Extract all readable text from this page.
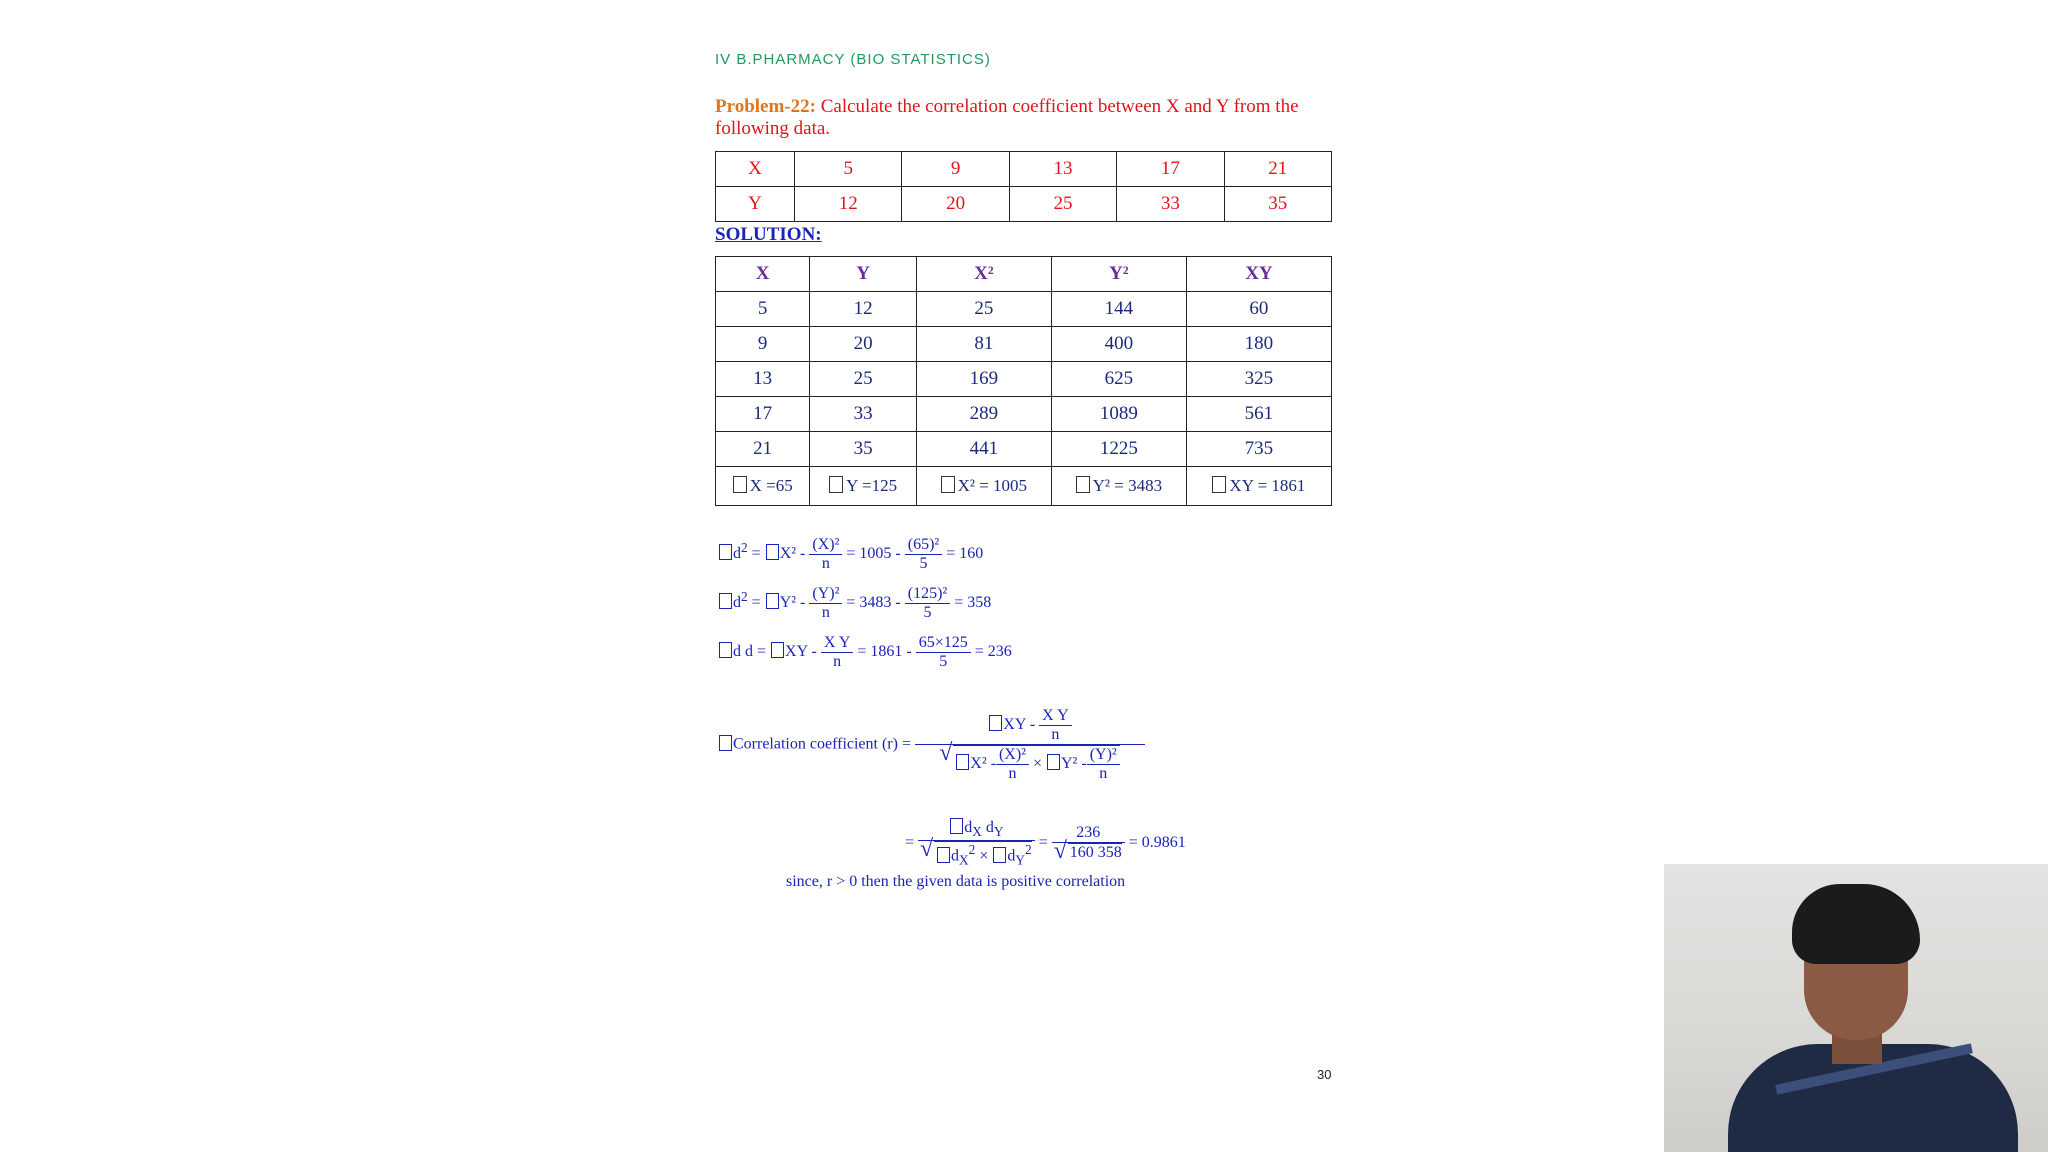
IV B.PHARMACY (BIO STATISTICS)
Problem-22: Calculate the correlation coefficient between X and Y from the following data.
X	5	9	13	17	21
Y	12	20	25	33	35
SOLUTION:
X	Y	X²	Y²	XY
5	12	25	144	60
9	20	81	400	180
13	25	169	625	325
17	33	289	1089	561
21	35	441	1225	735
X =65	Y =125	X² = 1005	Y² = 3483	XY = 1861
$d^2 = X^2 - \frac{\text{(X)²}}{n} = 1005 - \frac{\text{(65)²}}{5} = 160$
$d^2 = Y^2 - \frac{\text{(Y)²}}{n} = 3483 - \frac{\text{(125)²}}{5} = 358$
d d = XY - $\frac{\text{X Y}}{n} = 1861 - \frac{65\times 125}{5} = 236$
Correlation coefficient (r) = XY - $\frac{\text{X Y}}{n}$
√ $X^2 - \frac{\text{(X)²}}{n} \times Y^2 - \frac{\text{(Y)²}}{n}$
= $d_X$ $d_Y$
√ $d_X^2 \times d_Y^2 = 236$
√ 160 358 = 0.9861
since, r > 0 then the given data is positive correlation
30
